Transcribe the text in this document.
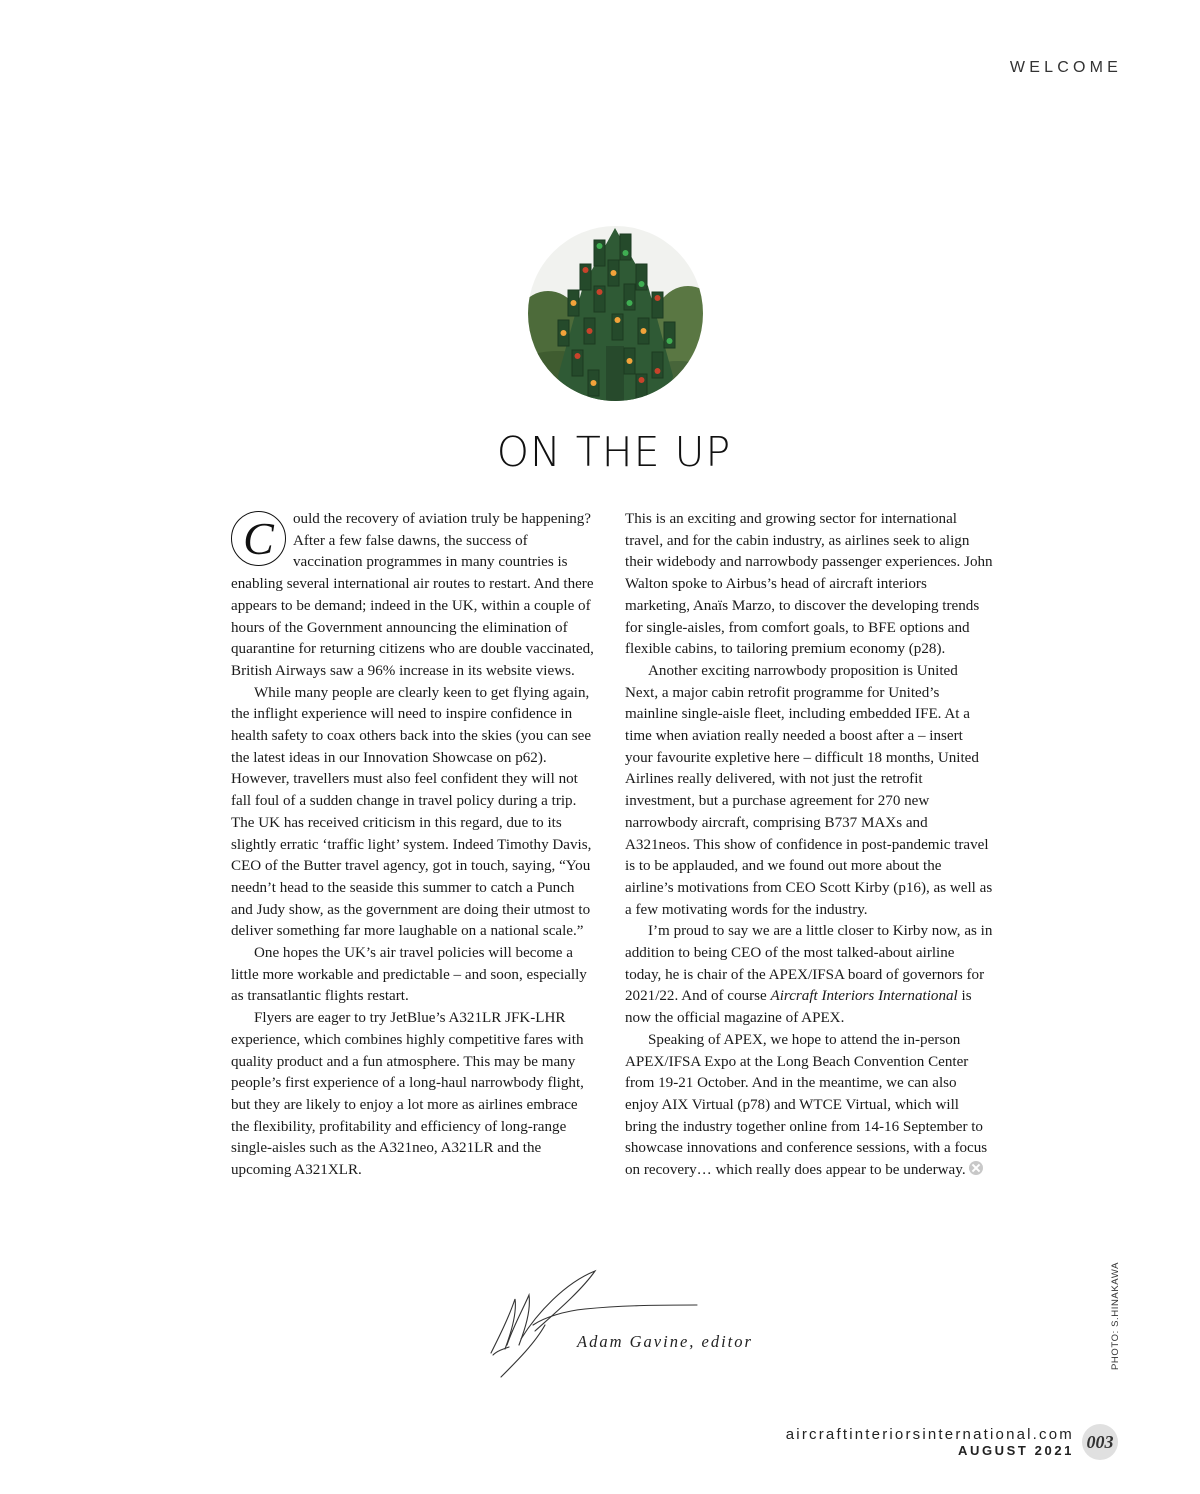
WELCOME
ON THE UP

C	ould the recovery of aviation truly be happening? After a few false dawns, the success of vaccination programmes in many countries is enabling several international air routes to restart. And there appears to be demand; indeed in the UK, within a couple of hours of the Government announcing the elimination of quarantine for returning citizens who are double vaccinated, British Airways saw a 96% increase in its website views.

While many people are clearly keen to get flying again, the inflight experience will need to inspire confidence in health safety to coax others back into the skies (you can see the latest ideas in our Innovation Showcase on p62). However, travellers must also feel confident they will not fall foul of a sudden change in travel policy during a trip. The UK has received criticism in this regard, due to its slightly erratic ‘traffic light’ system. Indeed Timothy Davis, CEO of the Butter travel agency, got in touch, saying, “You needn’t head to the seaside this summer to catch a Punch and Judy show, as the government are doing their utmost to deliver something far more laughable on a national scale.”

One hopes the UK’s air travel policies will become a little more workable and predictable – and soon, especially as transatlantic flights restart.

Flyers are eager to try JetBlue’s A321LR JFK-LHR experience, which combines highly competitive fares with quality product and a fun atmosphere. This may be many people’s first experience of a long-haul narrowbody flight, but they are likely to enjoy a lot more as airlines embrace the flexibility, profitability and efficiency of long-range single-aisles such as the A321neo, A321LR and the upcoming A321XLR.

This is an exciting and growing sector for international travel, and for the cabin industry, as airlines seek to align their widebody and narrowbody passenger experiences. John Walton spoke to Airbus’s head of aircraft interiors marketing, Anaïs Marzo, to discover the developing trends for single-aisles, from comfort goals, to BFE options and flexible cabins, to tailoring premium economy (p28).

Another exciting narrowbody proposition is United Next, a major cabin retrofit programme for United’s mainline single-aisle fleet, including embedded IFE. At a time when aviation really needed a boost after a – insert your favourite expletive here – difficult 18 months, United Airlines really delivered, with not just the retrofit investment, but a purchase agreement for 270 new narrowbody aircraft, comprising B737 MAXs and A321neos. This show of confidence in post-pandemic travel is to be applauded, and we found out more about the airline’s motivations from CEO Scott Kirby (p16), as well as a few motivating words for the industry.

I’m proud to say we are a little closer to Kirby now, as in addition to being CEO of the most talked-about airline today, he is chair of the APEX/IFSA board of governors for 2021/22. And of course Aircraft Interiors International is now the official magazine of APEX.

Speaking of APEX, we hope to attend the in-person APEX/IFSA Expo at the Long Beach Convention Center from 19-21 October. And in the meantime, we can also enjoy AIX Virtual (p78) and WTCE Virtual, which will bring the industry together online from 14-16 September to showcase innovations and conference sessions, with a focus on recovery… which really does appear to be underway.

Adam Gavine, editor	PHOTO: S.HINAKAWA
aircraftinteriorsinternational.com
AUGUST 2021 003
